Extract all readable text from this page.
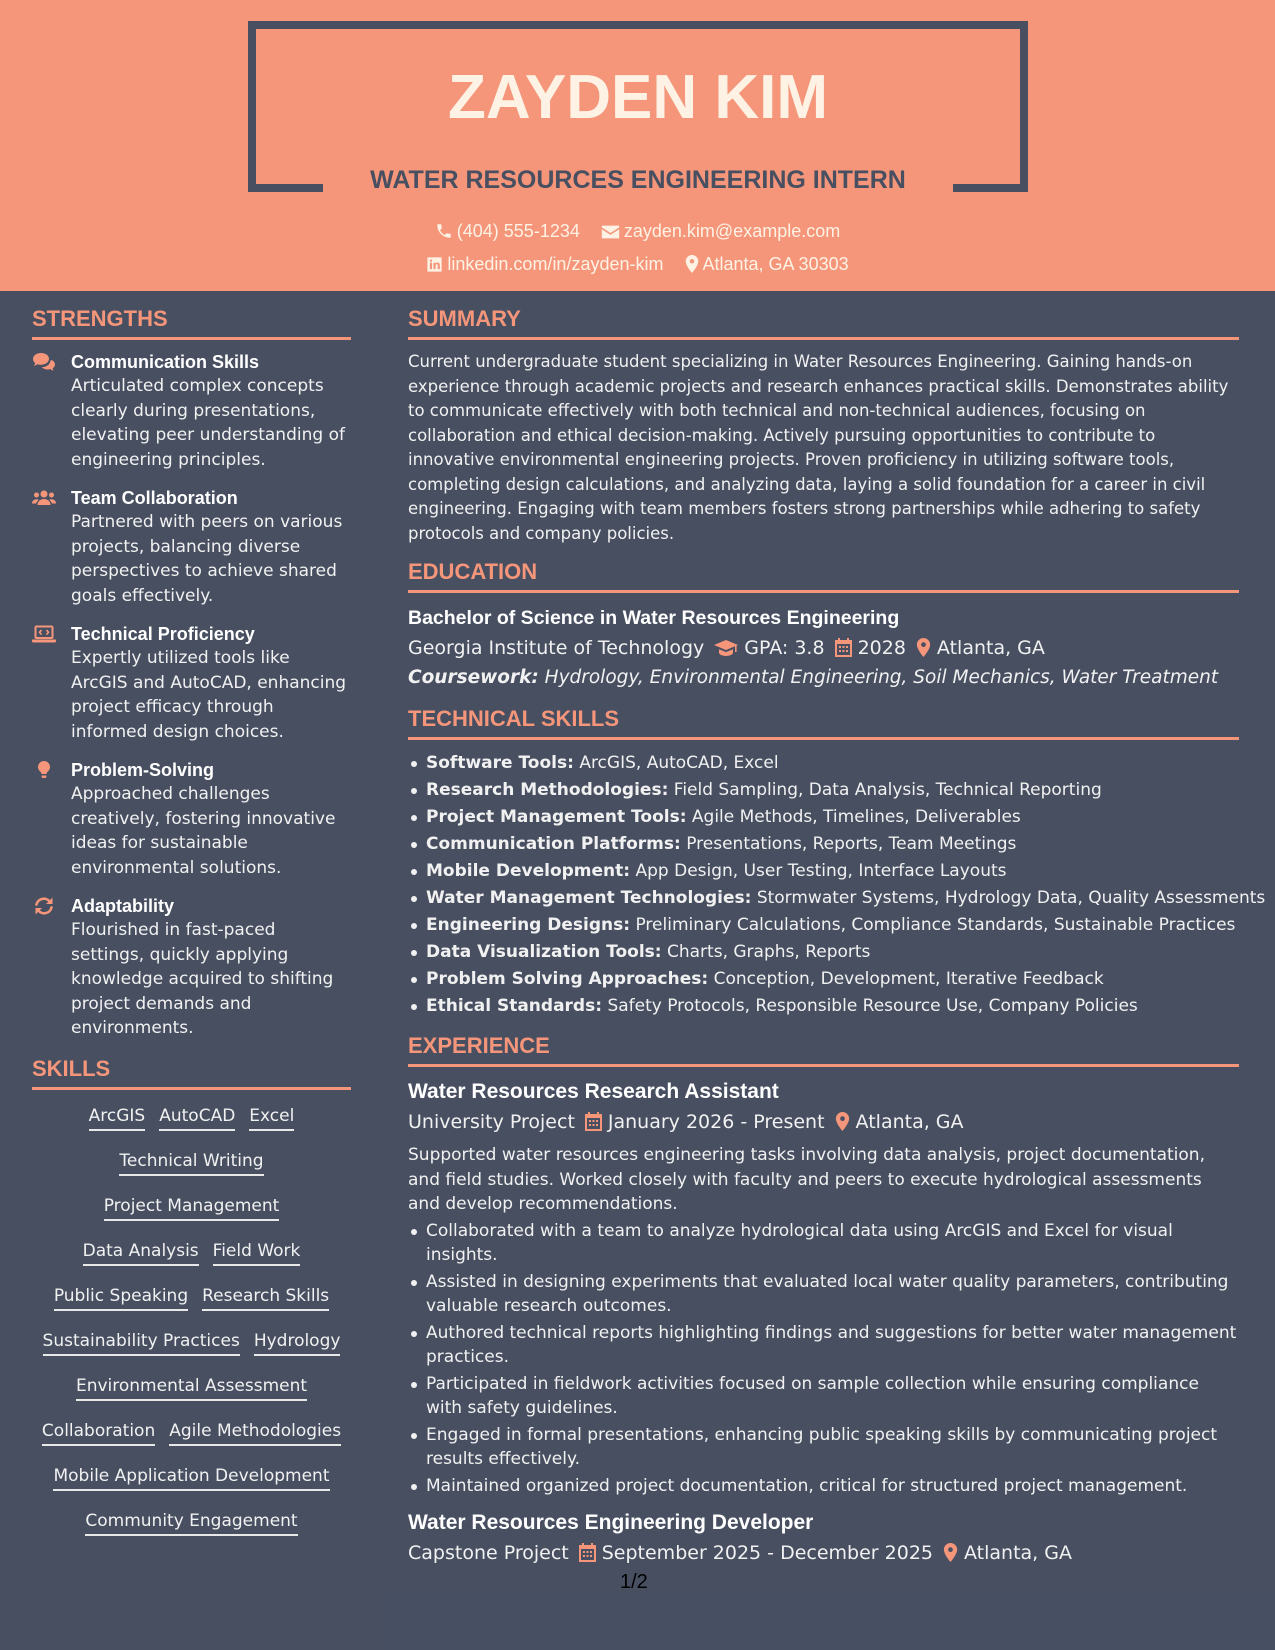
ZAYDEN KIM
WATER RESOURCES ENGINEERING INTERN
(404) 555-1234 zayden.kim@example.com
linkedin.com/in/zayden-kim Atlanta, GA 30303
STRENGTHS
Communication Skills
Articulated complex concepts clearly during presentations, elevating peer understanding of engineering principles.
Team Collaboration
Partnered with peers on various projects, balancing diverse perspectives to achieve shared goals effectively.
Technical Proficiency
Expertly utilized tools like ArcGIS and AutoCAD, enhancing project efficacy through informed design choices.
Problem-Solving
Approached challenges creatively, fostering innovative ideas for sustainable environmental solutions.
Adaptability
Flourished in fast-paced settings, quickly applying knowledge acquired to shifting project demands and environments.
SKILLS
ArcGIS AutoCAD Excel
Technical Writing
Project Management
Data Analysis Field Work
Public Speaking Research Skills
Sustainability Practices Hydrology
Environmental Assessment
Collaboration Agile Methodologies
Mobile Application Development
Community Engagement
SUMMARY
Current undergraduate student specializing in Water Resources Engineering. Gaining hands-on experience through academic projects and research enhances practical skills. Demonstrates ability to communicate effectively with both technical and non-technical audiences, focusing on collaboration and ethical decision-making. Actively pursuing opportunities to contribute to innovative environmental engineering projects. Proven proficiency in utilizing software tools, completing design calculations, and analyzing data, laying a solid foundation for a career in civil engineering. Engaging with team members fosters strong partnerships while adhering to safety protocols and company policies.
EDUCATION
Bachelor of Science in Water Resources Engineering
Georgia Institute of Technology GPA: 3.8 2028 Atlanta, GA
Coursework: Hydrology, Environmental Engineering, Soil Mechanics, Water Treatment
TECHNICAL SKILLS
Software Tools: ArcGIS, AutoCAD, Excel
Research Methodologies: Field Sampling, Data Analysis, Technical Reporting
Project Management Tools: Agile Methods, Timelines, Deliverables
Communication Platforms: Presentations, Reports, Team Meetings
Mobile Development: App Design, User Testing, Interface Layouts
Water Management Technologies: Stormwater Systems, Hydrology Data, Quality Assessments
Engineering Designs: Preliminary Calculations, Compliance Standards, Sustainable Practices
Data Visualization Tools: Charts, Graphs, Reports
Problem Solving Approaches: Conception, Development, Iterative Feedback
Ethical Standards: Safety Protocols, Responsible Resource Use, Company Policies
EXPERIENCE
Water Resources Research Assistant
University Project January 2026 - Present Atlanta, GA
Supported water resources engineering tasks involving data analysis, project documentation, and field studies. Worked closely with faculty and peers to execute hydrological assessments and develop recommendations.
Collaborated with a team to analyze hydrological data using ArcGIS and Excel for visual insights.
Assisted in designing experiments that evaluated local water quality parameters, contributing valuable research outcomes.
Authored technical reports highlighting findings and suggestions for better water management practices.
Participated in fieldwork activities focused on sample collection while ensuring compliance with safety guidelines.
Engaged in formal presentations, enhancing public speaking skills by communicating project results effectively.
Maintained organized project documentation, critical for structured project management.
Water Resources Engineering Developer
Capstone Project September 2025 - December 2025 Atlanta, GA
1/2
